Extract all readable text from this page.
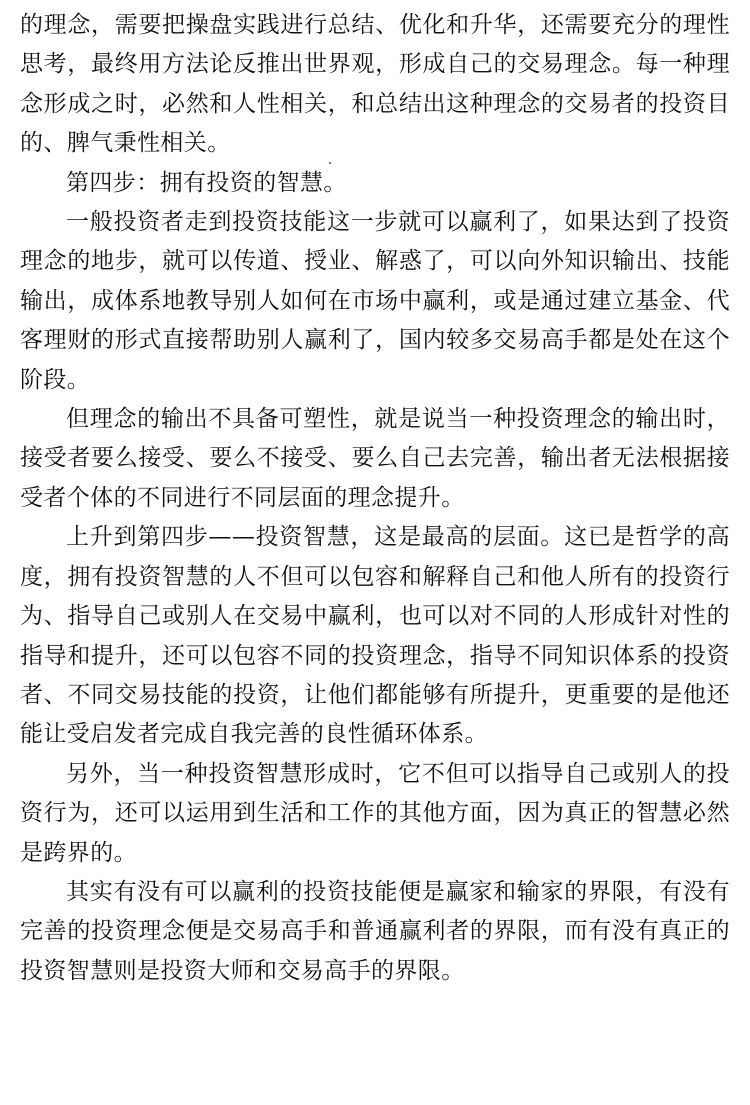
的理念，需要把操盘实践进行总结、优化和升华，还需要充分的理性思考，最终用方法论反推出世界观，形成自己的交易理念。每一种理念形成之时，必然和人性相关，和总结出这种理念的交易者的投资目的、脾气秉性相关。

第四步：拥有投资的智慧。

一般投资者走到投资技能这一步就可以赢利了，如果达到了投资理念的地步，就可以传道、授业、解惑了，可以向外知识输出、技能输出，成体系地教导别人如何在市场中赢利，或是通过建立基金、代客理财的形式直接帮助别人赢利了，国内较多交易高手都是处在这个阶段。

但理念的输出不具备可塑性，就是说当一种投资理念的输出时，接受者要么接受、要么不接受、要么自己去完善，输出者无法根据接受者个体的不同进行不同层面的理念提升。

上升到第四步——投资智慧，这是最高的层面。这已是哲学的高度，拥有投资智慧的人不但可以包容和解释自己和他人所有的投资行为、指导自己或别人在交易中赢利，也可以对不同的人形成针对性的指导和提升，还可以包容不同的投资理念，指导不同知识体系的投资者、不同交易技能的投资，让他们都能够有所提升，更重要的是他还能让受启发者完成自我完善的良性循环体系。

另外，当一种投资智慧形成时，它不但可以指导自己或别人的投资行为，还可以运用到生活和工作的其他方面，因为真正的智慧必然是跨界的。

其实有没有可以赢利的投资技能便是赢家和输家的界限，有没有完善的投资理念便是交易高手和普通赢利者的界限，而有没有真正的投资智慧则是投资大师和交易高手的界限。
